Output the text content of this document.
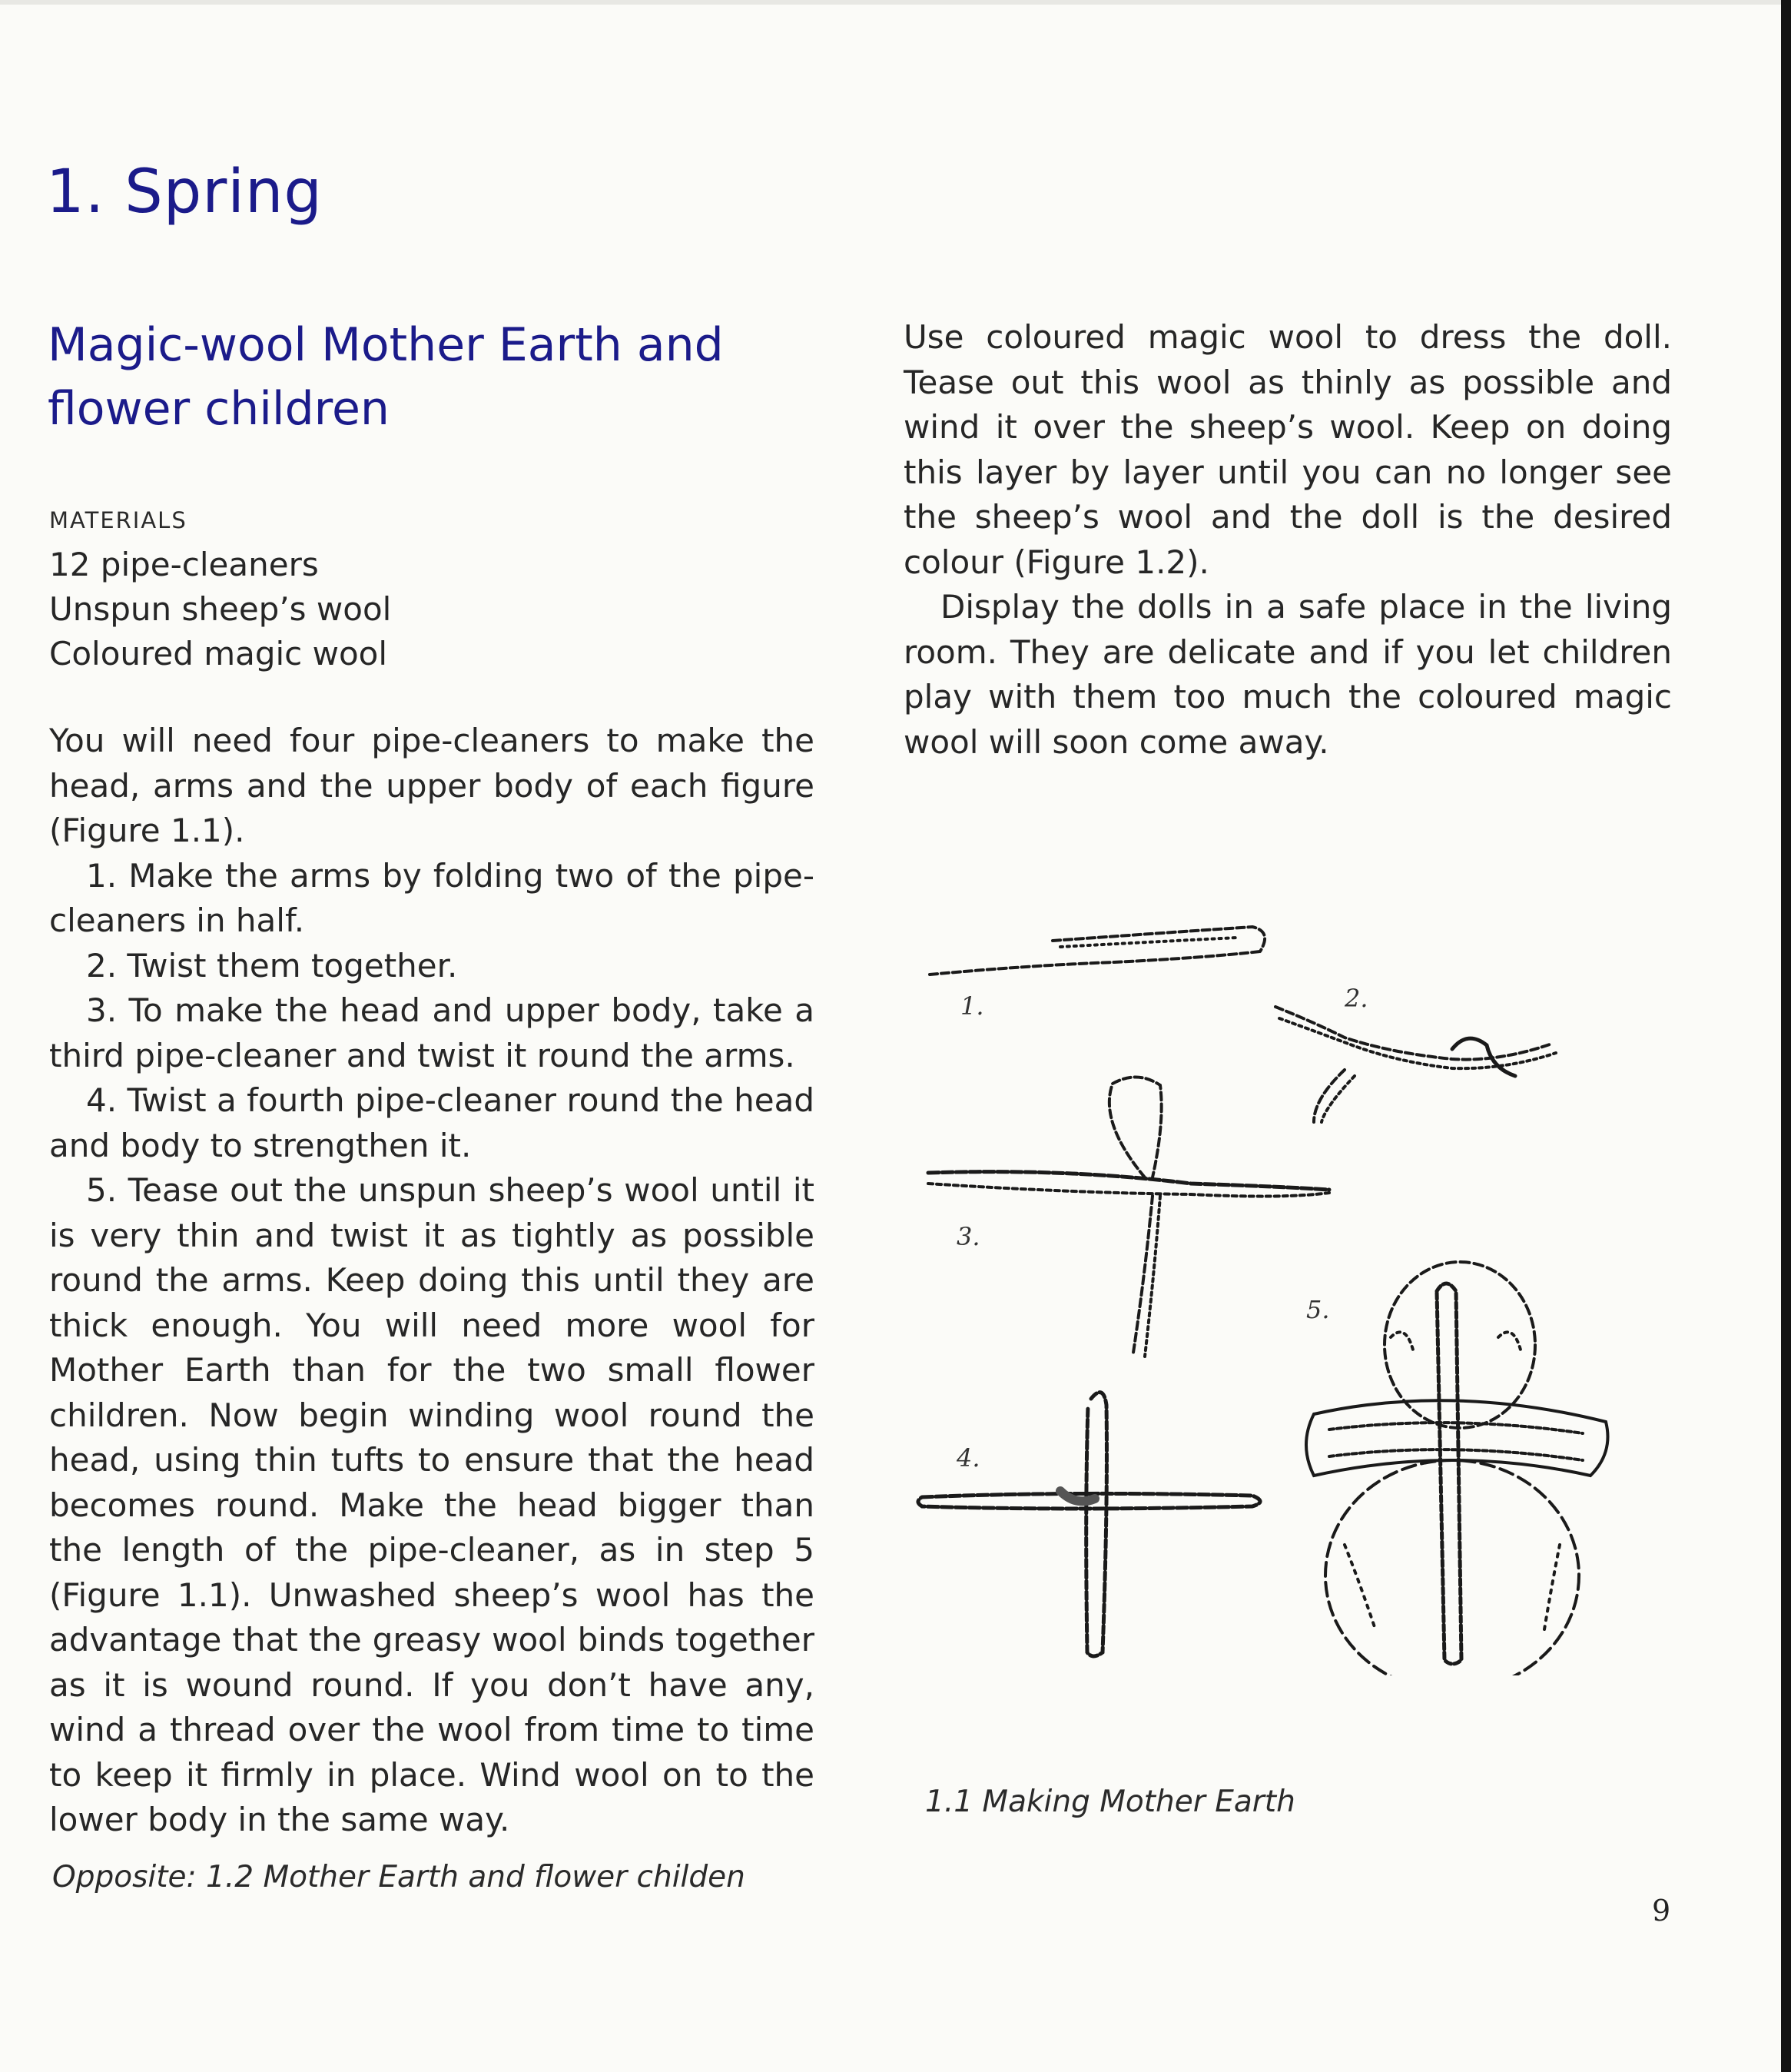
1. Spring
Magic-wool Mother Earth and
flower children
MATERIALS
12 pipe-cleaners
Unspun sheep’s wool
Coloured magic wool

You will need four pipe-cleaners to make the head, arms and the upper body of each figure (Figure 1.1).

1. Make the arms by folding two of the pipe-cleaners in half.

2. Twist them together.

3. To make the head and upper body, take a third pipe-cleaner and twist it round the arms.

4. Twist a fourth pipe-cleaner round the head and body to strengthen it.

5. Tease out the unspun sheep’s wool until it is very thin and twist it as tightly as possible round the arms. Keep doing this until they are thick enough. You will need more wool for Mother Earth than for the two small flower children. Now begin winding wool round the head, using thin tufts to ensure that the head becomes round. Make the head bigger than the length of the pipe-cleaner, as in step 5 (Figure 1.1). Unwashed sheep’s wool has the advantage that the greasy wool binds together as it is wound round. If you don’t have any, wind a thread over the wool from time to time to keep it firmly in place. Wind wool on to the lower body in the same way.

Use coloured magic wool to dress the doll. Tease out this wool as thinly as possible and wind it over the sheep’s wool. Keep on doing this layer by layer until you can no longer see the sheep’s wool and the doll is the desired colour (Figure 1.2).

Display the dolls in a safe place in the living room. They are delicate and if you let children play with them too much the coloured magic wool will soon come away.

1.	2.
3.
4.
5.
1.1 Making Mother Earth
Opposite: 1.2 Mother Earth and flower childen
9
